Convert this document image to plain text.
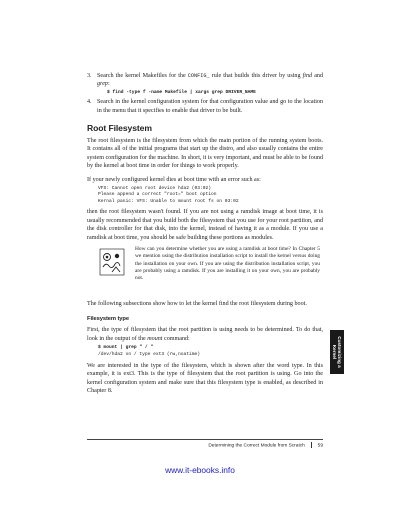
3. Search the kernel Makefiles for the CONFIG_ rule that builds this driver by using find and grep:
$ find -type f -name Makefile | xargs grep DRIVER_NAME
4. Search in the kernel configuration system for that configuration value and go to the location in the menu that it specifies to enable that driver to be built.
Root Filesystem

The root filesystem is the filesystem from which the main portion of the running system boots. It contains all of the initial programs that start up the distro, and also usually contains the entire system configuration for the machine. In short, it is very important, and must be able to be found by the kernel at boot time in order for things to work properly.

If your newly configured kernel dies at boot time with an error such as:

VFS: Cannot open root device hda2 (03:02)
Please append a correct "root=" boot option
Kernal panic: VFS: Unable to mount root fs on 03:02

then the root filesystem wasn't found. If you are not using a ramdisk image at boot time, it is usually recommended that you build both the filesystem that you use for your root partition, and the disk controller for that disk, into the kernel, instead of having it as a module. If you use a ramdisk at boot time, you should be safe building these portions as modules.

How can you determine whether you are using a ramdisk at boot time? In Chapter 5 we mention using the distribution installation script to install the kernel versus doing the installation on your own. If you are using the distribution installation script, you are probably using a ramdisk. If you are installing it on your own, you are probably not.

The following subsections show how to let the kernel find the root filesystem during boot.

Filesystem type

First, the type of filesystem that the root partition is using needs to be determined. To do that, look in the output of the mount command:

$ mount | grep " / "
/dev/hda2 on / type ext3 (rw,noatime)

We are interested in the type of the filesystem, which is shown after the word type. In this example, it is ext3. This is the type of filesystem that the root partition is using. Go into the kernel configuration system and make sure that this filesystem type is enabled, as described in Chapter 8.

Customizing a
Kernel
Determining the Correct Module from Scratch	59
www.it-ebooks.info
